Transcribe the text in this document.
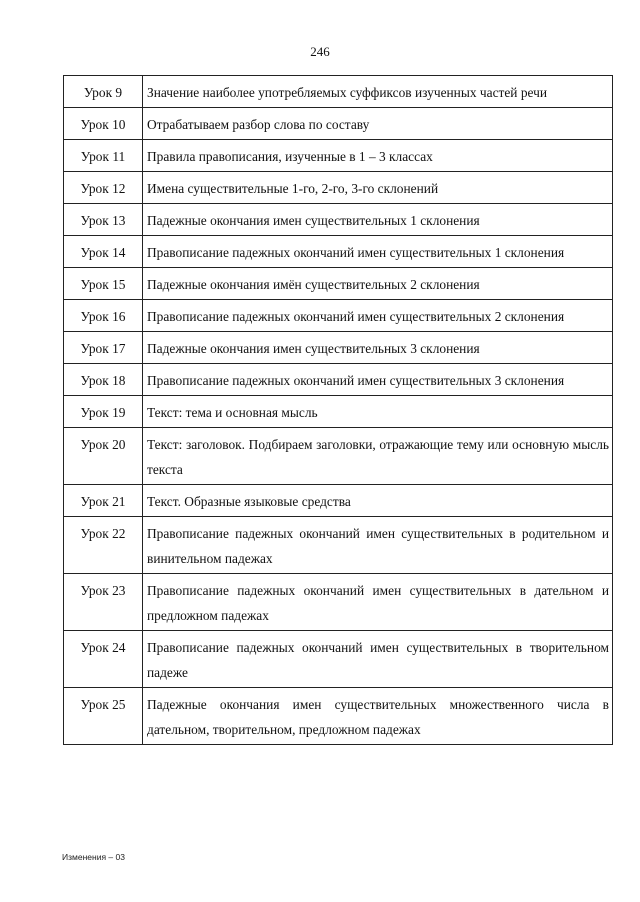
246
Урок 9	Значение наиболее употребляемых суффиксов изученных частей речи
Урок 10	Отрабатываем разбор слова по составу
Урок 11	Правила правописания, изученные в 1 – 3 классах
Урок 12	Имена существительные 1-го, 2-го, 3-го склонений
Урок 13	Падежные окончания имен существительных 1 склонения
Урок 14	Правописание падежных окончаний имен существительных 1 склонения
Урок 15	Падежные окончания имён существительных 2 склонения
Урок 16	Правописание падежных окончаний имен существительных 2 склонения
Урок 17	Падежные окончания имен существительных 3 склонения
Урок 18	Правописание падежных окончаний имен существительных 3 склонения
Урок 19	Текст: тема и основная мысль
Урок 20	Текст: заголовок. Подбираем заголовки, отражающие тему или основную мысль текста
Урок 21	Текст. Образные языковые средства
Урок 22	Правописание падежных окончаний имен существительных в родительном и винительном падежах
Урок 23	Правописание падежных окончаний имен существительных в дательном и предложном падежах
Урок 24	Правописание падежных окончаний имен существительных в творительном падеже
Урок 25	Падежные окончания имен существительных множественного числа в дательном, творительном, предложном падежах
Изменения – 03
